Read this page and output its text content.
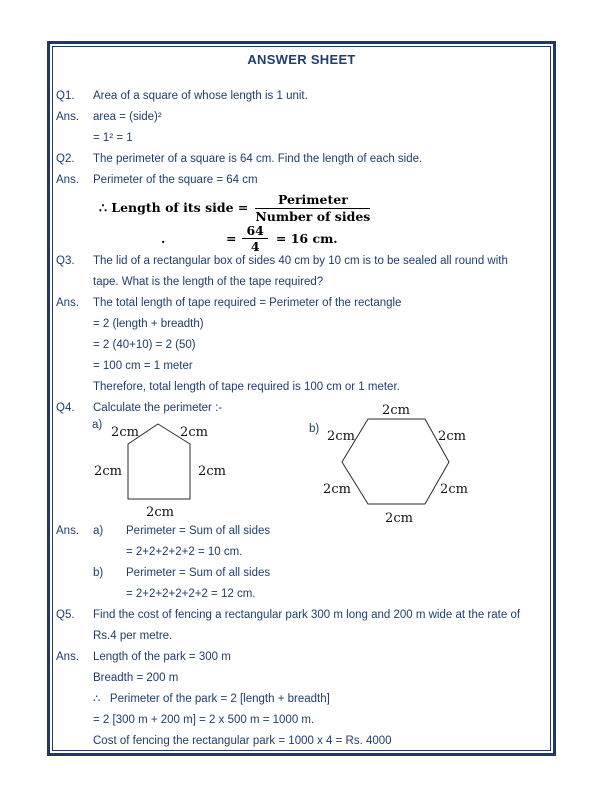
ANSWER SHEET
Q1.	Area of a square of whose length is 1 unit.
Ans.	area = (side)²
= 1² = 1
Q2.	The perimeter of a square is 64 cm. Find the length of each side.
Ans.	Perimeter of the square = 64 cm
∴ Length of its side = $\frac{\text{Perimeter}}{\text{Number of sides}}$
.	= $\frac{64}{4} = 16$ cm.
Q3.	The lid of a rectangular box of sides 40 cm by 10 cm is to be sealed all round with
tape. What is the length of the tape required?
Ans.	The total length of tape required = Perimeter of the rectangle
= 2 (length + breadth)
= 2 (40+10) = 2 (50)
= 100 cm = 1 meter
Therefore, total length of tape required is 100 cm or 1 meter.
Q4.	Calculate the perimeter :-
a)	b)
2cm	2cm
2cm	2cm
2cm
2cm
2cm	2cm
2cm	2cm
2cm
Ans.	a)	Perimeter = Sum of all sides
= 2+2+2+2+2 = 10 cm.
b)	Perimeter = Sum of all sides
= 2+2+2+2+2+2 = 12 cm.
Q5.	Find the cost of fencing a rectangular park 300 m long and 200 m wide at the rate of
Rs.4 per metre.
Ans.	Length of the park = 300 m
Breadth = 200 m
∴   Perimeter of the park = 2 [length + breadth]
= 2 [300 m + 200 m] = 2 x 500 m = 1000 m.
Cost of fencing the rectangular park = 1000 x 4 = Rs. 4000
